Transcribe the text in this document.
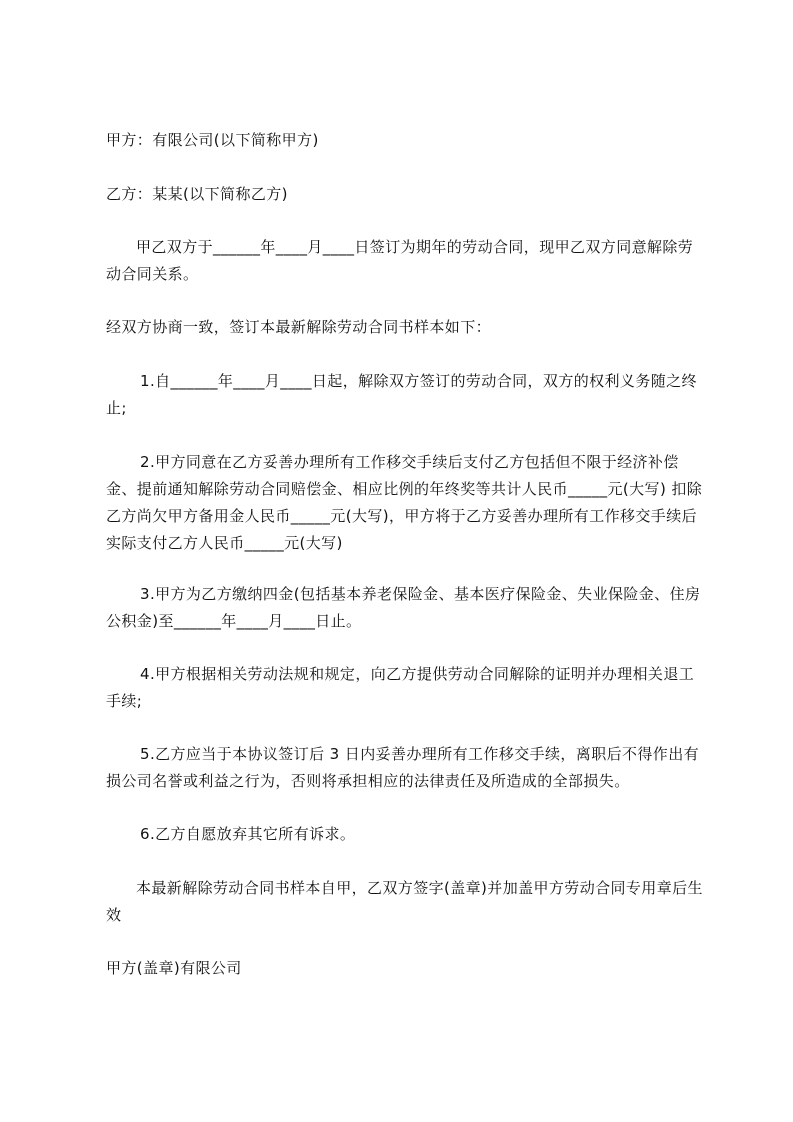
甲方：有限公司(以下简称甲方)

乙方：某某(以下简称乙方)

甲乙双方于______年____月____日签订为期年的劳动合同，现甲乙双方同意解除劳动合同关系。

经双方协商一致，签订本最新解除劳动合同书样本如下：

1.自______年____月____日起，解除双方签订的劳动合同，双方的权利义务随之终止;

2.甲方同意在乙方妥善办理所有工作移交手续后支付乙方包括但不限于经济补偿金、提前通知解除劳动合同赔偿金、相应比例的年终奖等共计人民币_____元(大写) 扣除乙方尚欠甲方备用金人民币_____元(大写)，甲方将于乙方妥善办理所有工作移交手续后实际支付乙方人民币_____元(大写)

3.甲方为乙方缴纳四金(包括基本养老保险金、基本医疗保险金、失业保险金、住房公积金)至______年____月____日止。

4.甲方根据相关劳动法规和规定，向乙方提供劳动合同解除的证明并办理相关退工手续;

5.乙方应当于本协议签订后 3 日内妥善办理所有工作移交手续，离职后不得作出有损公司名誉或利益之行为，否则将承担相应的法律责任及所造成的全部损失。

6.乙方自愿放弃其它所有诉求。

本最新解除劳动合同书样本自甲，乙双方签字(盖章)并加盖甲方劳动合同专用章后生效

甲方(盖章)有限公司
